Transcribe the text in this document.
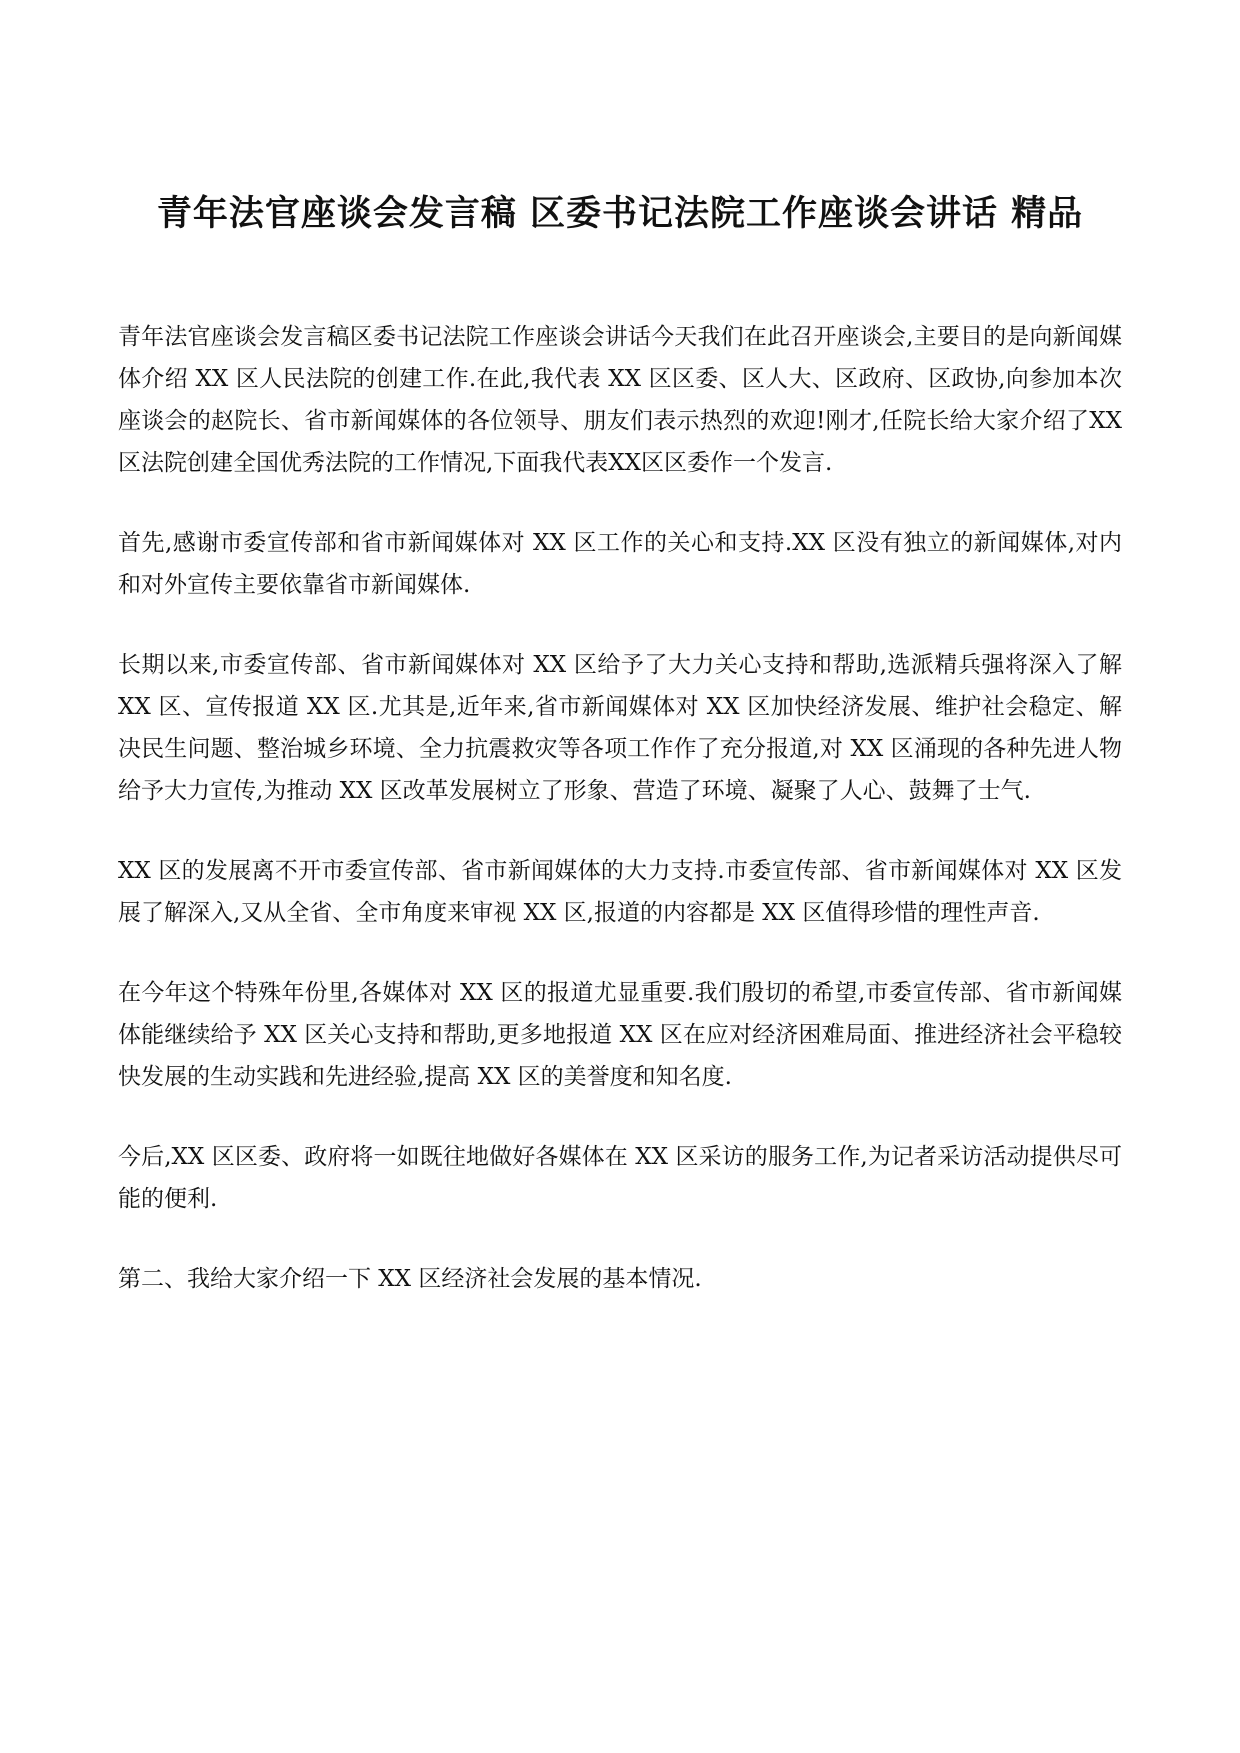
青年法官座谈会发言稿 区委书记法院工作座谈会讲话 精品

青年法官座谈会发言稿区委书记法院工作座谈会讲话今天我们在此召开座谈会,主要目的是向新闻媒体介绍 XX 区人民法院的创建工作.在此,我代表 XX 区区委、区人大、区政府、区政协,向参加本次座谈会的赵院长、省市新闻媒体的各位领导、朋友们表示热烈的欢迎!刚才,任院长给大家介绍了XX区法院创建全国优秀法院的工作情况,下面我代表XX区区委作一个发言.

首先,感谢市委宣传部和省市新闻媒体对 XX 区工作的关心和支持.XX 区没有独立的新闻媒体,对内和对外宣传主要依靠省市新闻媒体.

长期以来,市委宣传部、省市新闻媒体对 XX 区给予了大力关心支持和帮助,选派精兵强将深入了解 XX 区、宣传报道 XX 区.尤其是,近年来,省市新闻媒体对 XX 区加快经济发展、维护社会稳定、解决民生问题、整治城乡环境、全力抗震救灾等各项工作作了充分报道,对 XX 区涌现的各种先进人物给予大力宣传,为推动 XX 区改革发展树立了形象、营造了环境、凝聚了人心、鼓舞了士气.

XX 区的发展离不开市委宣传部、省市新闻媒体的大力支持.市委宣传部、省市新闻媒体对 XX 区发展了解深入,又从全省、全市角度来审视 XX 区,报道的内容都是 XX 区值得珍惜的理性声音.

在今年这个特殊年份里,各媒体对 XX 区的报道尤显重要.我们殷切的希望,市委宣传部、省市新闻媒体能继续给予 XX 区关心支持和帮助,更多地报道 XX 区在应对经济困难局面、推进经济社会平稳较快发展的生动实践和先进经验,提高 XX 区的美誉度和知名度.

今后,XX 区区委、政府将一如既往地做好各媒体在 XX 区采访的服务工作,为记者采访活动提供尽可能的便利.

第二、我给大家介绍一下 XX 区经济社会发展的基本情况.
